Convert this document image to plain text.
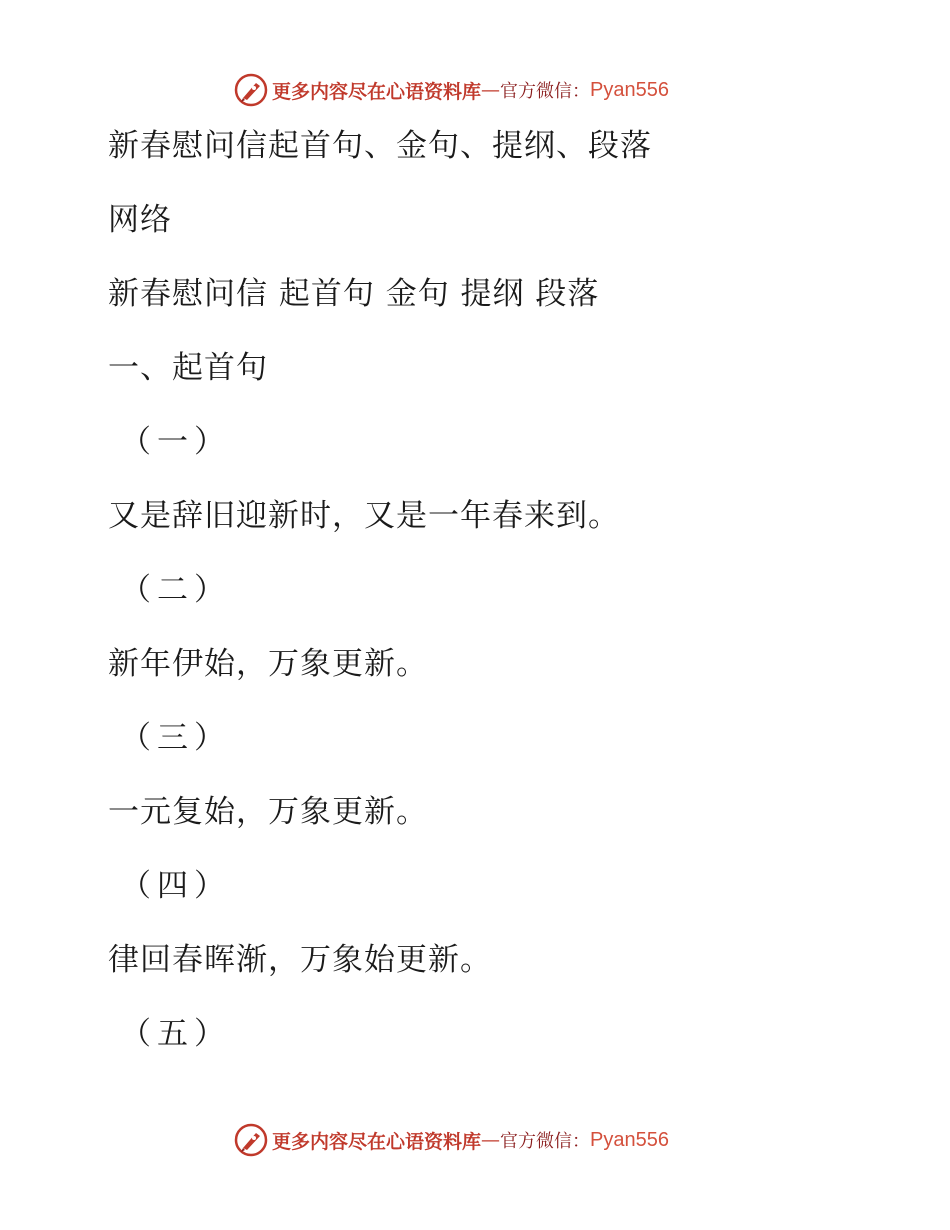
更多内容尽在心语资料库 — 官方微信： Pyan556
新春慰问信起首句、金句、提纲、段落
网络
新春慰问信 起首句 金句 提纲 段落
一、起首句
（一）
又是辞旧迎新时，又是一年春来到。
（二）
新年伊始，万象更新。
（三）
一元复始，万象更新。
（四）
律回春晖渐，万象始更新。
（五）
更多内容尽在心语资料库 — 官方微信： Pyan556
